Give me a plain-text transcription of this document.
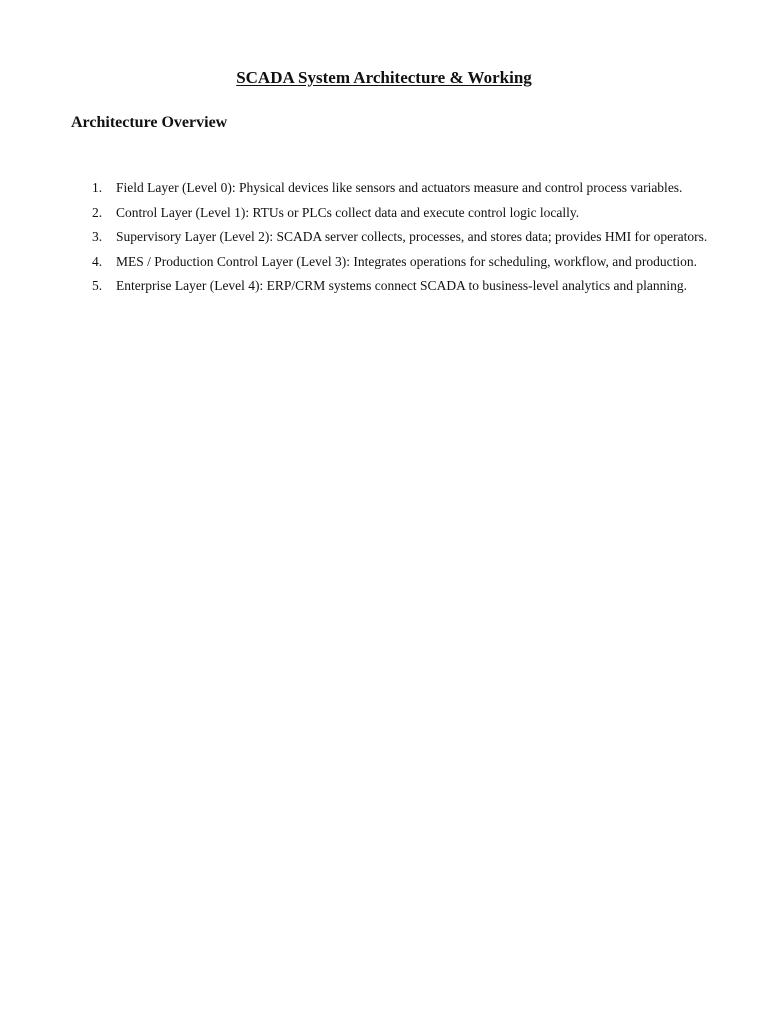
SCADA System Architecture & Working
Architecture Overview
1. Field Layer (Level 0): Physical devices like sensors and actuators measure and control process variables.
2. Control Layer (Level 1): RTUs or PLCs collect data and execute control logic locally.
3. Supervisory Layer (Level 2): SCADA server collects, processes, and stores data; provides HMI for operators.
4. MES / Production Control Layer (Level 3): Integrates operations for scheduling, workflow, and production.
5. Enterprise Layer (Level 4): ERP/CRM systems connect SCADA to business-level analytics and planning.
